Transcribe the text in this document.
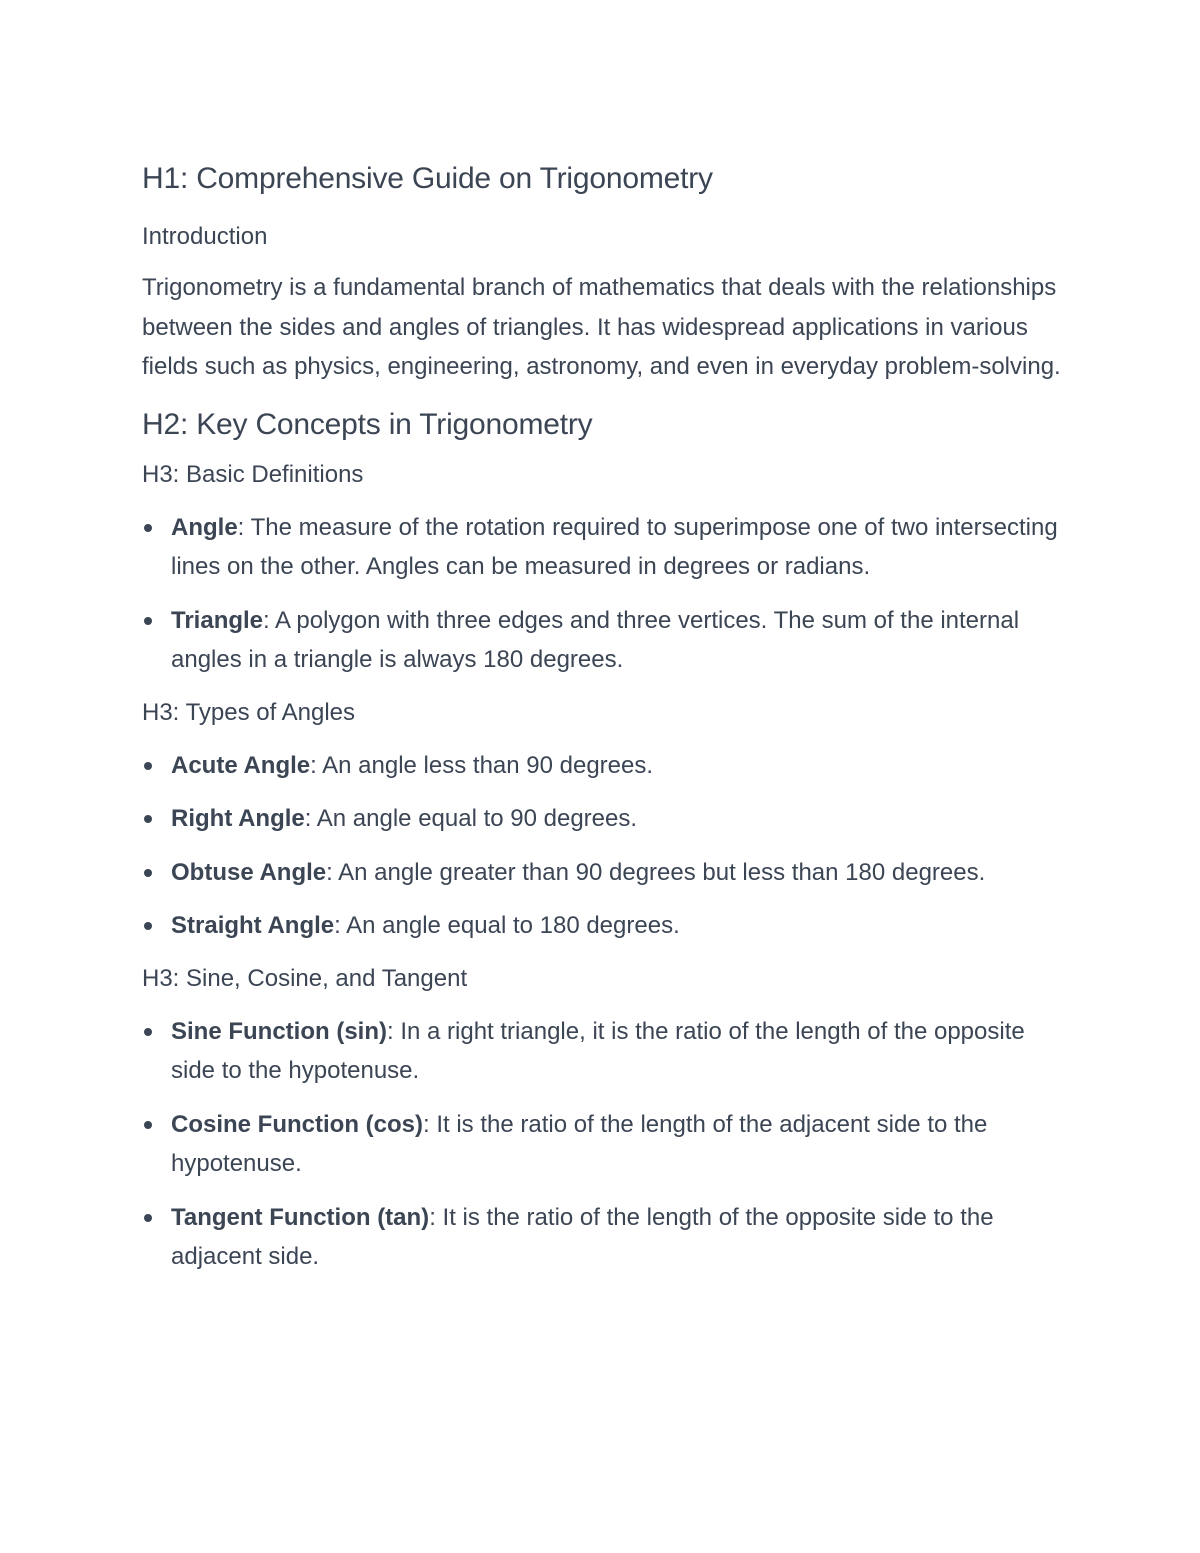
H1: Comprehensive Guide on Trigonometry
Introduction

Trigonometry is a fundamental branch of mathematics that deals with the relationships between the sides and angles of triangles. It has widespread applications in various fields such as physics, engineering, astronomy, and even in everyday problem-solving.

H2: Key Concepts in Trigonometry
H3: Basic Definitions
Angle: The measure of the rotation required to superimpose one of two intersecting lines on the other. Angles can be measured in degrees or radians.
Triangle: A polygon with three edges and three vertices. The sum of the internal angles in a triangle is always 180 degrees.
H3: Types of Angles
Acute Angle: An angle less than 90 degrees.
Right Angle: An angle equal to 90 degrees.
Obtuse Angle: An angle greater than 90 degrees but less than 180 degrees.
Straight Angle: An angle equal to 180 degrees.
H3: Sine, Cosine, and Tangent
Sine Function (sin): In a right triangle, it is the ratio of the length of the opposite side to the hypotenuse.
Cosine Function (cos): It is the ratio of the length of the adjacent side to the hypotenuse.
Tangent Function (tan): It is the ratio of the length of the opposite side to the adjacent side.
